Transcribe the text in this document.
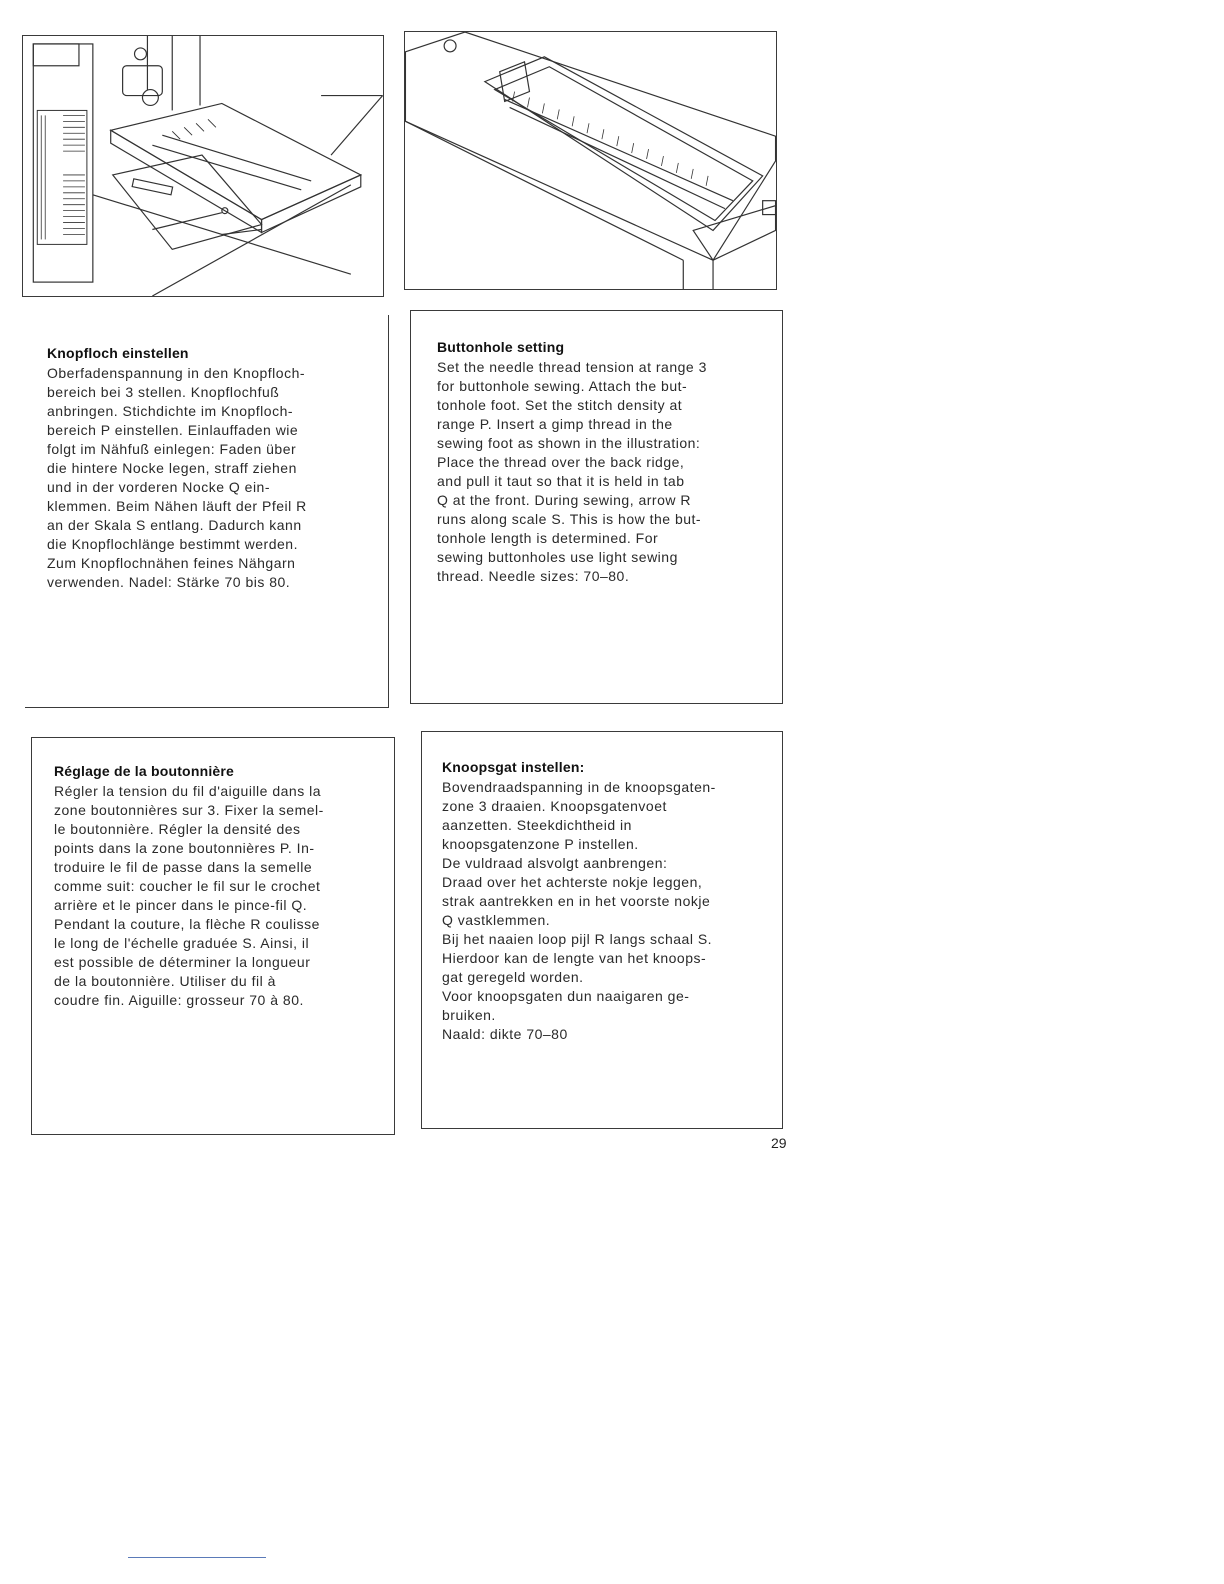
Knopfloch einstellen

Oberfadenspannung in den Knopfloch-
bereich bei 3 stellen. Knopflochfuß
anbringen. Stichdichte im Knopfloch-
bereich P einstellen. Einlauffaden wie
folgt im Nähfuß einlegen: Faden über
die hintere Nocke legen, straff ziehen
und in der vorderen Nocke Q ein-
klemmen. Beim Nähen läuft der Pfeil R
an der Skala S entlang. Dadurch kann
die Knopflochlänge bestimmt werden.
Zum Knopflochnähen feines Nähgarn
verwenden. Nadel: Stärke 70 bis 80.

Buttonhole setting

Set the needle thread tension at range 3
for buttonhole sewing. Attach the but-
tonhole foot. Set the stitch density at
range P. Insert a gimp thread in the
sewing foot as shown in the illustration:
Place the thread over the back ridge,
and pull it taut so that it is held in tab
Q at the front. During sewing, arrow R
runs along scale S. This is how the but-
tonhole length is determined. For
sewing buttonholes use light sewing
thread. Needle sizes: 70–80.

Réglage de la boutonnière

Régler la tension du fil d'aiguille dans la
zone boutonnières sur 3. Fixer la semel-
le boutonnière. Régler la densité des
points dans la zone boutonnières P. In-
troduire le fil de passe dans la semelle
comme suit: coucher le fil sur le crochet
arrière et le pincer dans le pince-fil Q.
Pendant la couture, la flèche R coulisse
le long de l'échelle graduée S. Ainsi, il
est possible de déterminer la longueur
de la boutonnière. Utiliser du fil à
coudre fin. Aiguille: grosseur 70 à 80.

Knoopsgat instellen:

Bovendraadspanning in de knoopsgaten-
zone 3 draaien. Knoopsgatenvoet
aanzetten. Steekdichtheid in
knoopsgatenzone P instellen.
De vuldraad alsvolgt aanbrengen:
Draad over het achterste nokje leggen,
strak aantrekken en in het voorste nokje
Q vastklemmen.
Bij het naaien loop pijl R langs schaal S.
Hierdoor kan de lengte van het knoops-
gat geregeld worden.
Voor knoopsgaten dun naaigaren ge-
bruiken.
Naald: dikte 70–80

29
